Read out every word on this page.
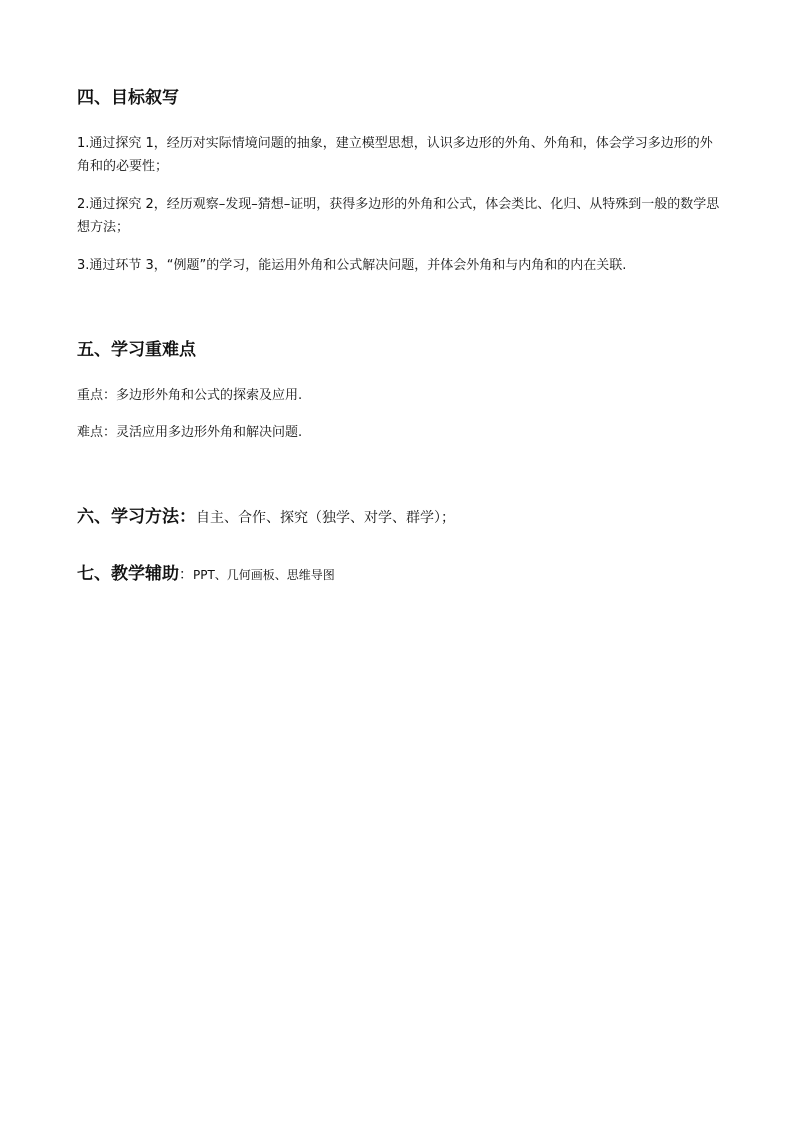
四、目标叙写
1.通过探究 1，经历对实际情境问题的抽象，建立模型思想，认识多边形的外角、外角和，体会学习多边形的外角和的必要性；
2.通过探究 2，经历观察–发现–猜想–证明，获得多边形的外角和公式，体会类比、化归、从特殊到一般的数学思想方法；
3.通过环节 3，“例题”的学习，能运用外角和公式解决问题，并体会外角和与内角和的内在关联.
五、学习重难点
重点：多边形外角和公式的探索及应用.
难点：灵活应用多边形外角和解决问题.
六、学习方法：自主、合作、探究（独学、对学、群学）；
七、教学辅助：PPT、几何画板、思维导图
